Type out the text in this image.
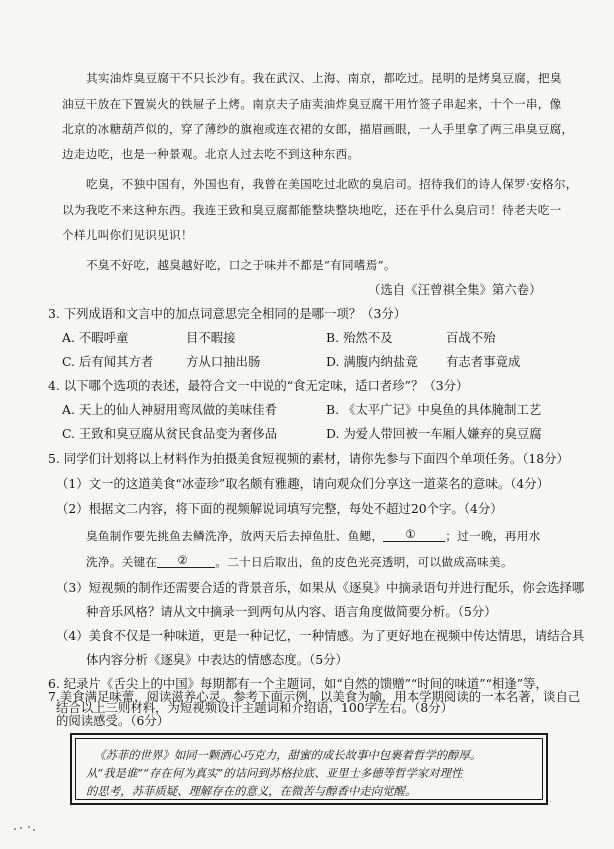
其实油炸臭豆腐干不只长沙有。我在武汉、上海、南京，都吃过。昆明的是烤臭豆腐，把臭
油豆干放在下置炭火的铁屉子上烤。南京夫子庙卖油炸臭豆腐干用竹签子串起来，十个一串，像
北京的冰糖葫芦似的，穿了薄纱的旗袍或连衣裙的女郎，描眉画眼，一人手里拿了两三串臭豆腐，
边走边吃，也是一种景观。北京人过去吃不到这种东西。
吃臭，不独中国有，外国也有，我曾在美国吃过北欧的臭启司。招待我们的诗人保罗·安格尔，
以为我吃不来这种东西。我连王致和臭豆腐都能整块整块地吃，还在乎什么臭启司！待老夫吃一
个样儿叫你们见识见识！
不臭不好吃，越臭越好吃，口之于味并不都是“有同嗜焉”。
（选自《汪曾祺全集》第六卷）
3. 下列成语和文言中的加点词意思完全相同的是哪一项？（3分）
A. 不暇呼童	目不暇接	B. 殆然不及	百战不殆
C. 后有闻其方者	方从口抽出肠	D. 满腹内纳盐竟 有志者事竟成
4. 以下哪个选项的表述，最符合文一中说的“食无定味，适口者珍”？（3分）
A. 天上的仙人神厨用鸾凤做的美味佳肴	B. 《太平广记》中臭鱼的具体腌制工艺
C. 王致和臭豆腐从贫民食品变为奢侈品	D. 为爱人带回被一车厢人嫌弃的臭豆腐
5. 同学们计划将以上材料作为拍摄美食短视频的素材，请你先参与下面四个单项任务。（18分）
（1）文一的这道美食“冰壶珍”取名颇有雅趣，请向观众们分享这一道菜名的意味。（4分）
（2）根据文二内容，将下面的视频解说词填写完整，每处不超过20个字。（4分）
臭鱼制作要先挑鱼去鳞洗净，放两天后去掉鱼肚、鱼鳃， ①	；过一晚，再用水
洗净。关键在 ② 。二十日后取出，鱼的皮色光亮透明，可以做成高味美。
（3）短视频的制作还需要合适的背景音乐，如果从《逐臭》中摘录语句并进行配乐，你会选择哪
种音乐风格？请从文中摘录一到两句从内容、语言角度做简要分析。（5分）
（4）美食不仅是一种味道，更是一种记忆，一种情感。为了更好地在视频中传达情思，请结合具
体内容分析《逐臭》中表达的情感态度。（5分）
6. 纪录片《舌尖上的中国》每期都有一个主题词，如“自然的馈赠”“时间的味道”“相逢”等，
结合以上三则材料，为短视频设计主题词和介绍语，100字左右。（8分）
7.美食满足味蕾，阅读滋养心灵。参考下面示例，以美食为喻，用本学期阅读的一本名著，谈自己
的阅读感受。（6分）
《苏菲的世界》如同一颗酒心巧克力，甜蜜的成长故事中包裹着哲学的醇厚。
从“我是谁”“存在何为真实”的诘问到苏格拉底、亚里士多德等哲学家对理性
的思考，苏菲质疑、理解存在的意义，在微苦与醇香中走向觉醒。
